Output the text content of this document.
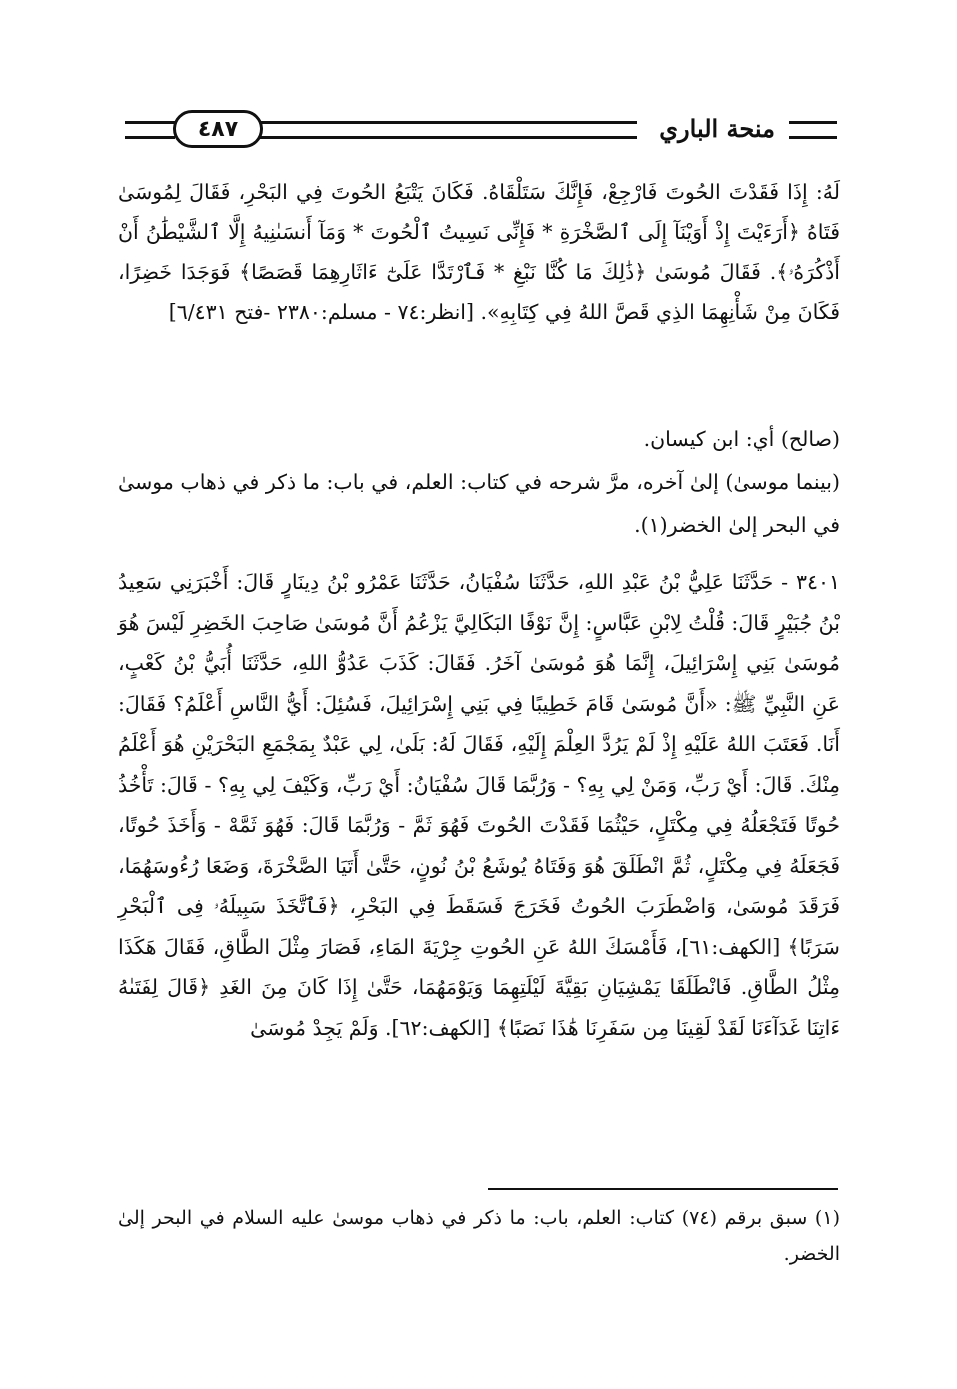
٤٨٧	منحة الباري

لَهُ: إِذَا فَقَدْتَ الحُوتَ فَارْجِعْ، فَإِنَّكَ سَتَلْقَاهُ. فَكَانَ يَتْبَعُ الحُوتَ فِي البَحْرِ، فَقَالَ لِمُوسَىٰ فَتَاهُ ﴿أَرَءَيْتَ إِذْ أَوَيْنَآ إِلَى ٱلصَّخْرَةِ * فَإِنِّى نَسِيتُ ٱلْحُوتَ * وَمَآ أَنسَىٰنِيهُ إِلَّا ٱلشَّيْطَٰنُ أَنْ أَذْكُرَهُۥ﴾. فَقَالَ مُوسَىٰ ﴿ذَٰلِكَ مَا كُنَّا نَبْغِ * فَٱرْتَدَّا عَلَىٰٓ ءَاثَارِهِمَا قَصَصًا﴾ فَوَجَدَا خَضِرًا، فَكَانَ مِنْ شَأْنِهِمَا الذِي قَصَّ اللهُ فِي كِتَابِهِ». [انظر:٧٤ - مسلم:٢٣٨٠ -فتح ٦/٤٣١]

(صالح) أي: ابن كيسان.

(بينما موسىٰ) إلىٰ آخره، مرَّ شرحه في كتاب: العلم، في باب: ما ذكر في ذهاب موسىٰ في البحر إلىٰ الخضر(١).

٣٤٠١ - حَدَّثَنَا عَلِيُّ بْنُ عَبْدِ اللهِ، حَدَّثَنَا سُفْيَانُ، حَدَّثَنَا عَمْرُو بْنُ دِينَارٍ قَالَ: أَخْبَرَنِي سَعِيدُ بْنُ جُبَيْرٍ قَالَ: قُلْتُ لِابْنِ عَبَّاسٍ: إِنَّ نَوْفًا البَكَالِيَّ يَزْعُمُ أَنَّ مُوسَىٰ صَاحِبَ الخَضِرِ لَيْسَ هُوَ مُوسَىٰ بَنِي إِسْرَائِيلَ، إِنَّمَا هُوَ مُوسَىٰ آخَرُ. فَقَالَ: كَذَبَ عَدُوُّ اللهِ، حَدَّثَنَا أُبَيُّ بْنُ كَعْبٍ، عَنِ النَّبِيِّ ﷺ: «أَنَّ مُوسَىٰ قَامَ خَطِيبًا فِي بَنِي إِسْرَائِيلَ، فَسُئِلَ: أَيُّ النَّاسِ أَعْلَمُ؟ فَقَالَ: أَنَا. فَعَتَبَ اللهُ عَلَيْهِ إِذْ لَمْ يَرُدَّ العِلْمَ إِلَيْهِ، فَقَالَ لَهُ: بَلَىٰ، لِي عَبْدٌ بِمَجْمَعِ البَحْرَيْنِ هُوَ أَعْلَمُ مِنْكَ. قَالَ: أَيْ رَبِّ، وَمَنْ لِي بِهِ؟ - وَرُبَّمَا قَالَ سُفْيَانُ: أَيْ رَبِّ، وَكَيْفَ لِي بِهِ؟ - قَالَ: تَأْخُذُ حُوتًا فَتَجْعَلُهُ فِي مِكْتَلٍ، حَيْثُمَا فَقَدْتَ الحُوتَ فَهُوَ ثَمَّ - وَرُبَّمَا قَالَ: فَهُوَ ثَمَّهْ - وَأَخَذَ حُوتًا، فَجَعَلَهُ فِي مِكْتَلٍ، ثُمَّ انْطَلَقَ هُوَ وَفَتَاهُ يُوشَعُ بْنُ نُونٍ، حَتَّىٰ أَتَيَا الصَّخْرَةَ، وَضَعَا رُءُوسَهُمَا، فَرَقَدَ مُوسَىٰ، وَاضْطَرَبَ الحُوتُ فَخَرَجَ فَسَقَطَ فِي البَحْرِ، ﴿فَٱتَّخَذَ سَبِيلَهُۥ فِى ٱلْبَحْرِ سَرَبًا﴾ [الكهف:٦١]، فَأَمْسَكَ اللهُ عَنِ الحُوتِ جِرْيَةَ المَاءِ، فَصَارَ مِثْلَ الطَّاقِ، فَقَالَ هَكَذَا مِثْلُ الطَّاقِ. فَانْطَلَقَا يَمْشِيَانِ بَقِيَّةَ لَيْلَتِهِمَا وَيَوْمَهُمَا، حَتَّىٰ إِذَا كَانَ مِنَ الغَدِ ﴿قَالَ لِفَتَىٰهُ ءَاتِنَا غَدَآءَنَا لَقَدْ لَقِينَا مِن سَفَرِنَا هَٰذَا نَصَبًا﴾ [الكهف:٦٢]. وَلَمْ يَجِدْ مُوسَىٰ

(١) سبق برقم (٧٤) كتاب: العلم، باب: ما ذكر في ذهاب موسىٰ عليه السلام في البحر إلىٰ الخضر.
